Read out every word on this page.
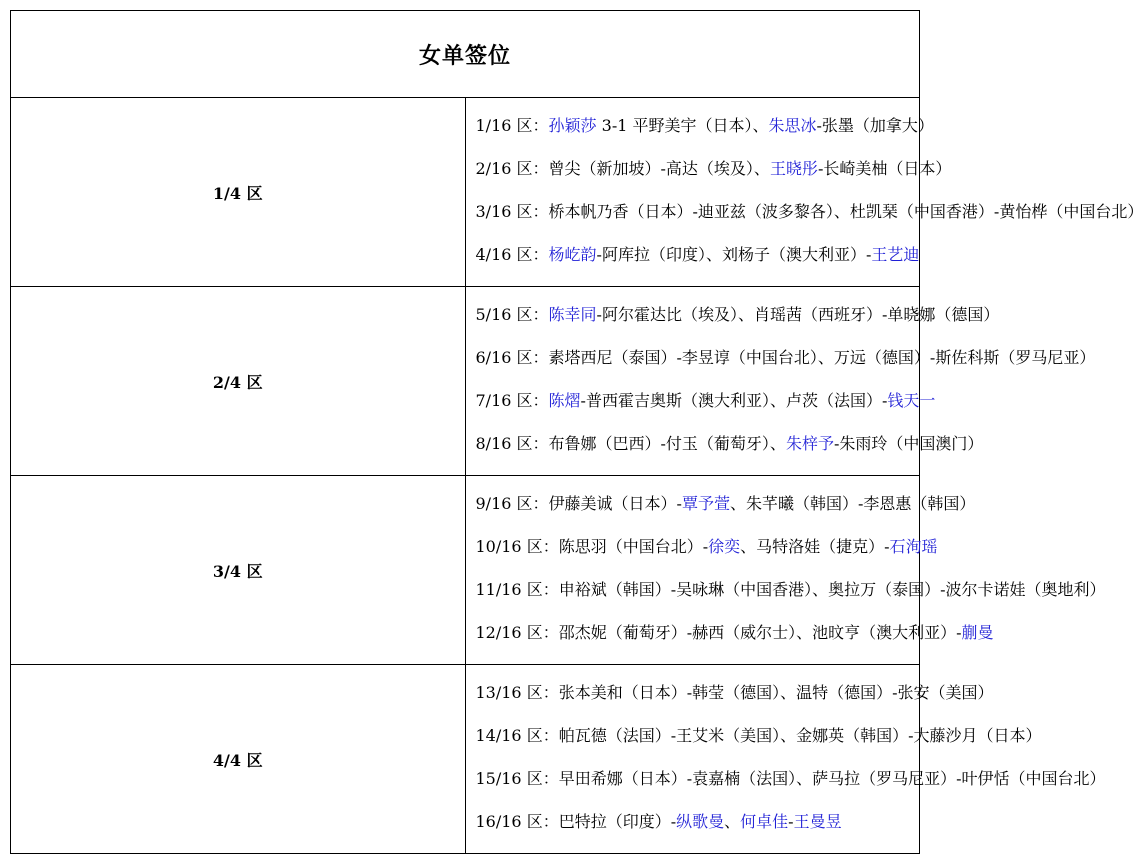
女单签位	
1/4 区	1/16 区：孙颖莎 3-1 平野美宇（日本）、朱思冰-张墨（加拿大）
2/16 区：曾尖（新加坡）-高达（埃及）、王晓彤-长崎美柚（日本）
3/16 区：桥本帆乃香（日本）-迪亚兹（波多黎各）、杜凯琹（中国香港）-黄怡桦（中国台北）
4/16 区：杨屹韵-阿库拉（印度）、刘杨子（澳大利亚）-王艺迪

2/4 区	5/16 区：陈幸同-阿尔霍达比（埃及）、肖瑶茜（西班牙）-单晓娜（德国）
6/16 区：素塔西尼（泰国）-李昱谆（中国台北）、万远（德国）-斯佐科斯（罗马尼亚）
7/16 区：陈熠-普西霍吉奥斯（澳大利亚）、卢茨（法国）-钱天一
8/16 区：布鲁娜（巴西）-付玉（葡萄牙）、朱梓予-朱雨玲（中国澳门）

3/4 区	9/16 区：伊藤美诚（日本）-覃予萱、朱芊曦（韩国）-李恩惠（韩国）
10/16 区：陈思羽（中国台北）-徐奕、马特洛娃（捷克）-石洵瑶
11/16 区：申裕斌（韩国）-吴咏琳（中国香港）、奥拉万（泰国）-波尔卡诺娃（奥地利）
12/16 区：邵杰妮（葡萄牙）-赫西（威尔士）、池旼亨（澳大利亚）-蒯曼

4/4 区	13/16 区：张本美和（日本）-韩莹（德国）、温特（德国）-张安（美国）
14/16 区：帕瓦德（法国）-王艾米（美国）、金娜英（韩国）-大藤沙月（日本）
15/16 区：早田希娜（日本）-袁嘉楠（法国）、萨马拉（罗马尼亚）-叶伊恬（中国台北）
16/16 区：巴特拉（印度）-纵歌曼、何卓佳-王曼昱
